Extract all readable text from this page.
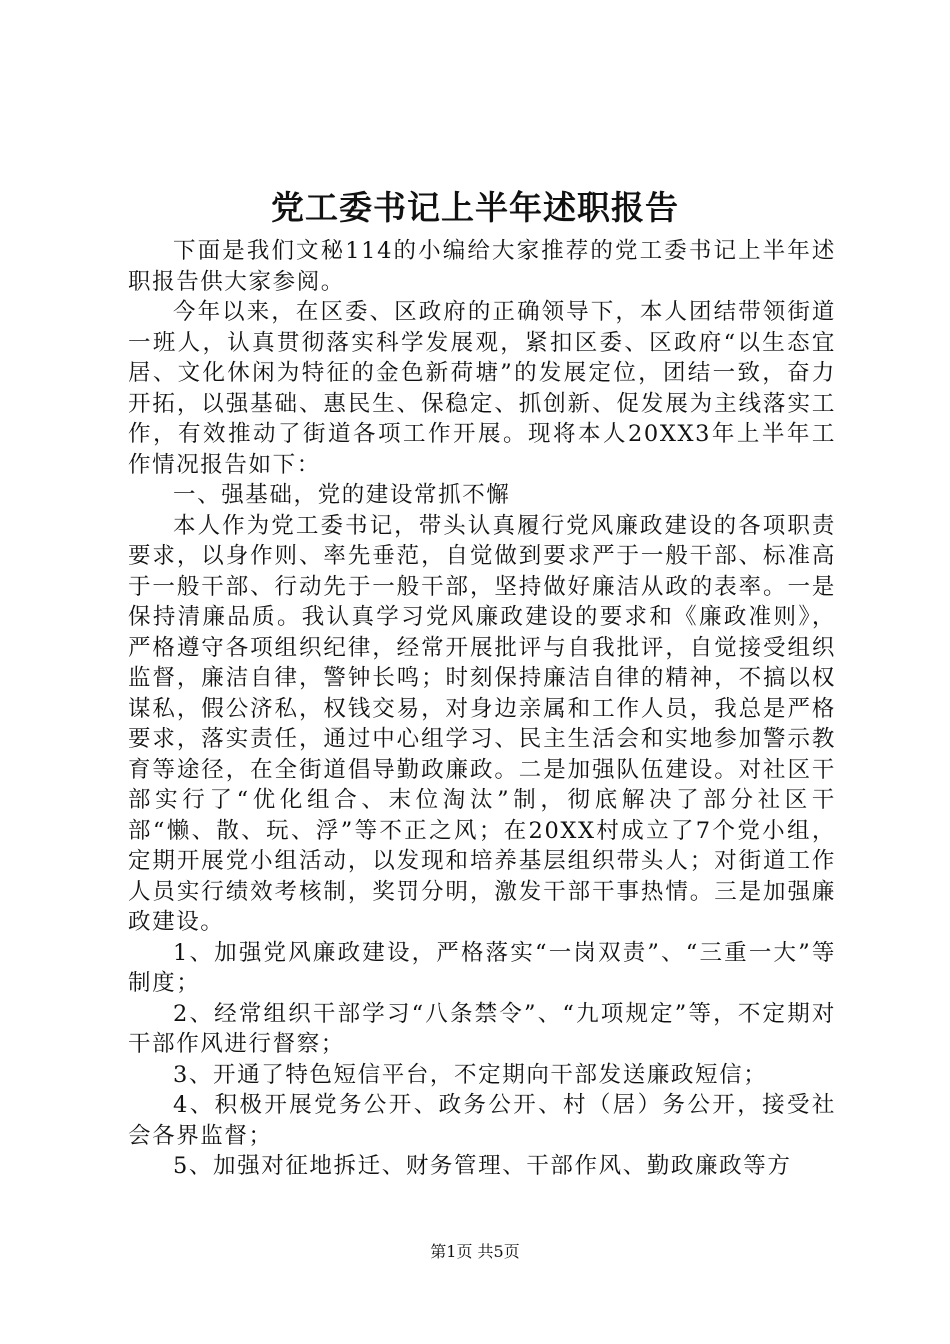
党工委书记上半年述职报告

下面是我们文秘114的小编给大家推荐的党工委书记上半年述职报告供大家参阅。

今年以来，在区委、区政府的正确领导下，本人团结带领街道一班人，认真贯彻落实科学发展观，紧扣区委、区政府“以生态宜居、文化休闲为特征的金色新荷塘”的发展定位，团结一致，奋力开拓，以强基础、惠民生、保稳定、抓创新、促发展为主线落实工作，有效推动了街道各项工作开展。现将本人20XX3年上半年工作情况报告如下：

一、强基础，党的建设常抓不懈

本人作为党工委书记，带头认真履行党风廉政建设的各项职责要求，以身作则、率先垂范，自觉做到要求严于一般干部、标准高于一般干部、行动先于一般干部，坚持做好廉洁从政的表率。一是保持清廉品质。我认真学习党风廉政建设的要求和《廉政准则》，严格遵守各项组织纪律，经常开展批评与自我批评，自觉接受组织监督，廉洁自律，警钟长鸣；时刻保持廉洁自律的精神，不搞以权谋私，假公济私，权钱交易，对身边亲属和工作人员，我总是严格要求，落实责任，通过中心组学习、民主生活会和实地参加警示教育等途径，在全街道倡导勤政廉政。二是加强队伍建设。对社区干部实行了“优化组合、末位淘汰”制，彻底解决了部分社区干部“懒、散、玩、浮”等不正之风；在20XX村成立了7个党小组，定期开展党小组活动，以发现和培养基层组织带头人；对街道工作人员实行绩效考核制，奖罚分明，激发干部干事热情。三是加强廉政建设。

1、加强党风廉政建设，严格落实“一岗双责”、“三重一大”等制度；

2、经常组织干部学习“八条禁令”、“九项规定”等，不定期对干部作风进行督察；

3、开通了特色短信平台，不定期向干部发送廉政短信；

4、积极开展党务公开、政务公开、村（居）务公开，接受社会各界监督；

5、加强对征地拆迁、财务管理、干部作风、勤政廉政等方

第1页 共5页
